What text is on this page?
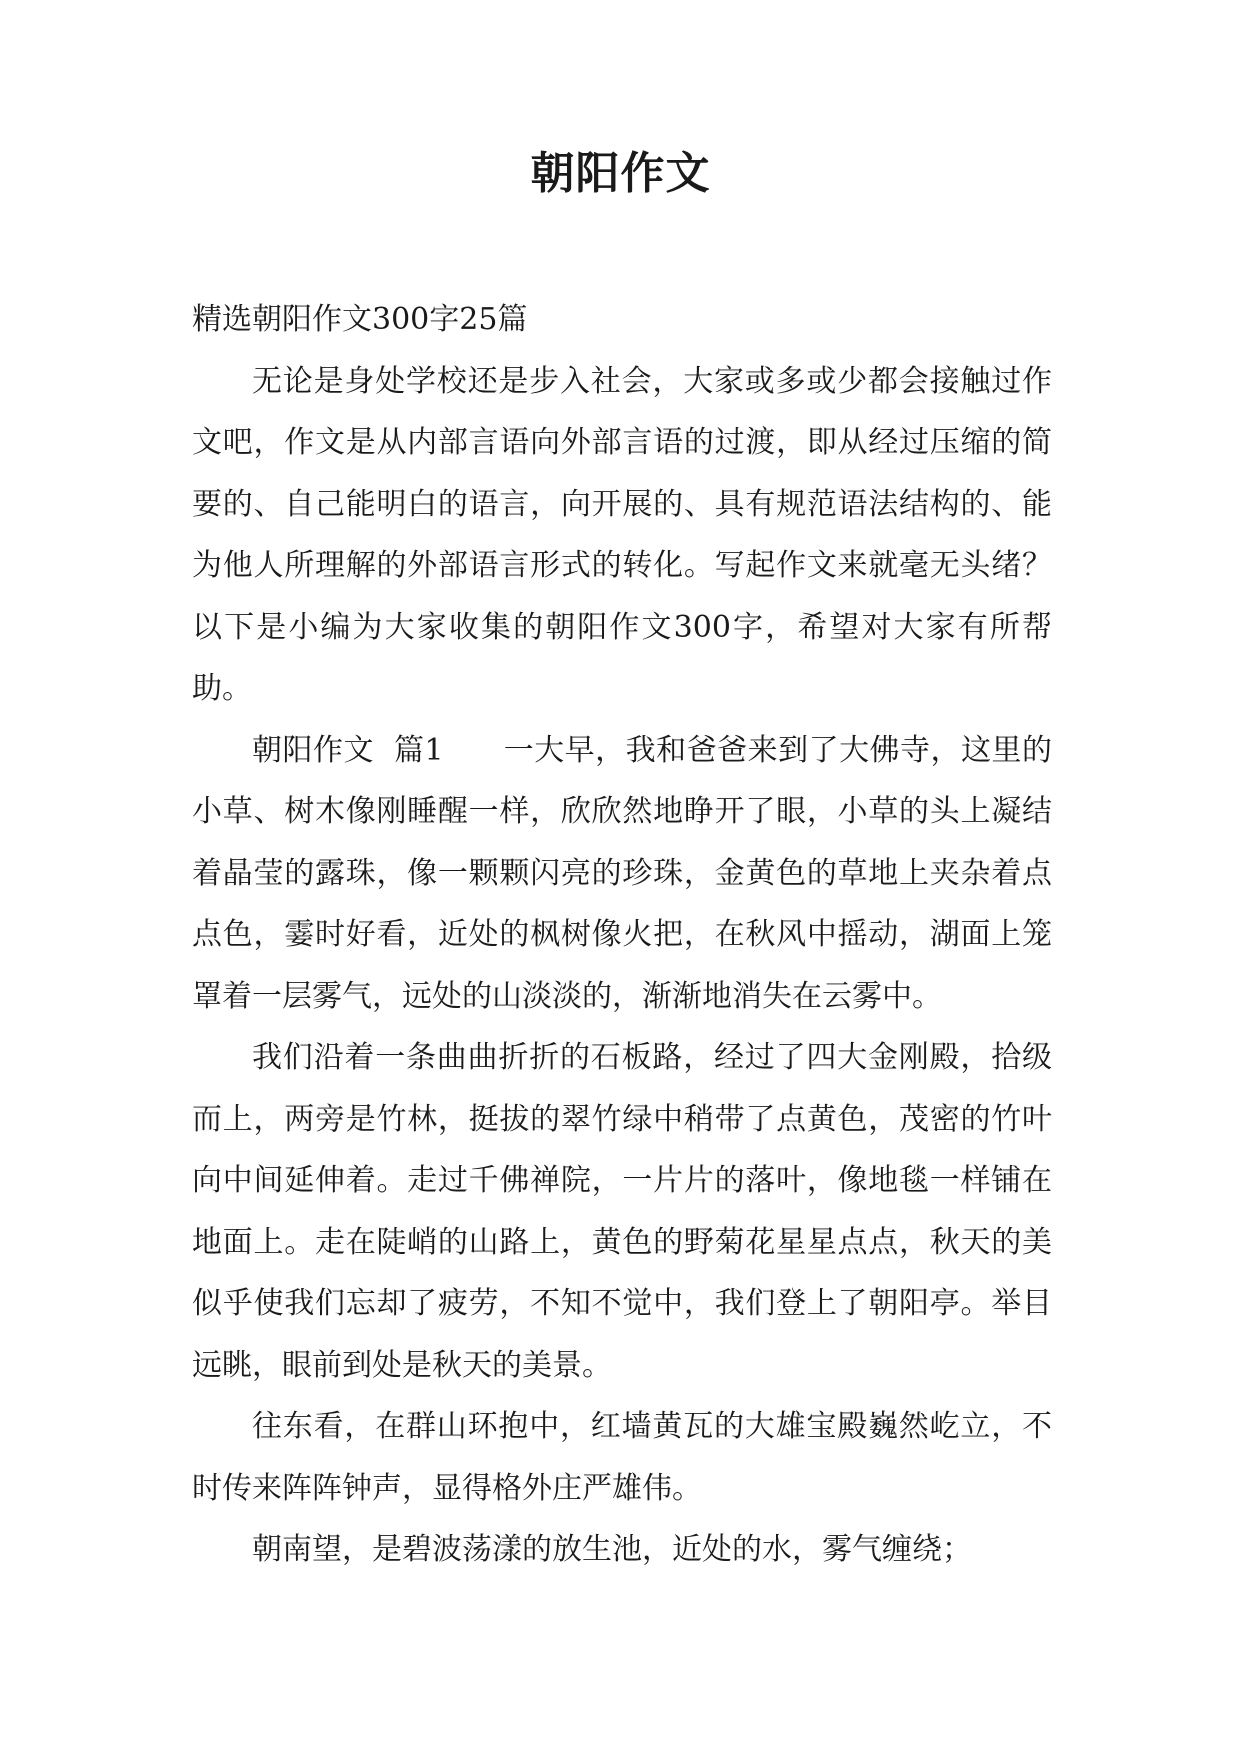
朝阳作文

精选朝阳作文300字25篇

无论是身处学校还是步入社会，大家或多或少都会接触过作文吧，作文是从内部言语向外部言语的过渡，即从经过压缩的简要的、自己能明白的语言，向开展的、具有规范语法结构的、能为他人所理解的外部语言形式的转化。写起作文来就毫无头绪？以下是小编为大家收集的朝阳作文300字，希望对大家有所帮助。

朝阳作文  篇1      一大早，我和爸爸来到了大佛寺，这里的小草、树木像刚睡醒一样，欣欣然地睁开了眼，小草的头上凝结着晶莹的露珠，像一颗颗闪亮的珍珠，金黄色的草地上夹杂着点点色，霎时好看，近处的枫树像火把，在秋风中摇动，湖面上笼罩着一层雾气，远处的山淡淡的，渐渐地消失在云雾中。

我们沿着一条曲曲折折的石板路，经过了四大金刚殿，拾级而上，两旁是竹林，挺拔的翠竹绿中稍带了点黄色，茂密的竹叶向中间延伸着。走过千佛禅院，一片片的落叶，像地毯一样铺在地面上。走在陡峭的山路上，黄色的野菊花星星点点，秋天的美似乎使我们忘却了疲劳，不知不觉中，我们登上了朝阳亭。举目远眺，眼前到处是秋天的美景。

往东看，在群山环抱中，红墙黄瓦的大雄宝殿巍然屹立，不时传来阵阵钟声，显得格外庄严雄伟。

朝南望，是碧波荡漾的放生池，近处的水，雾气缠绕；
